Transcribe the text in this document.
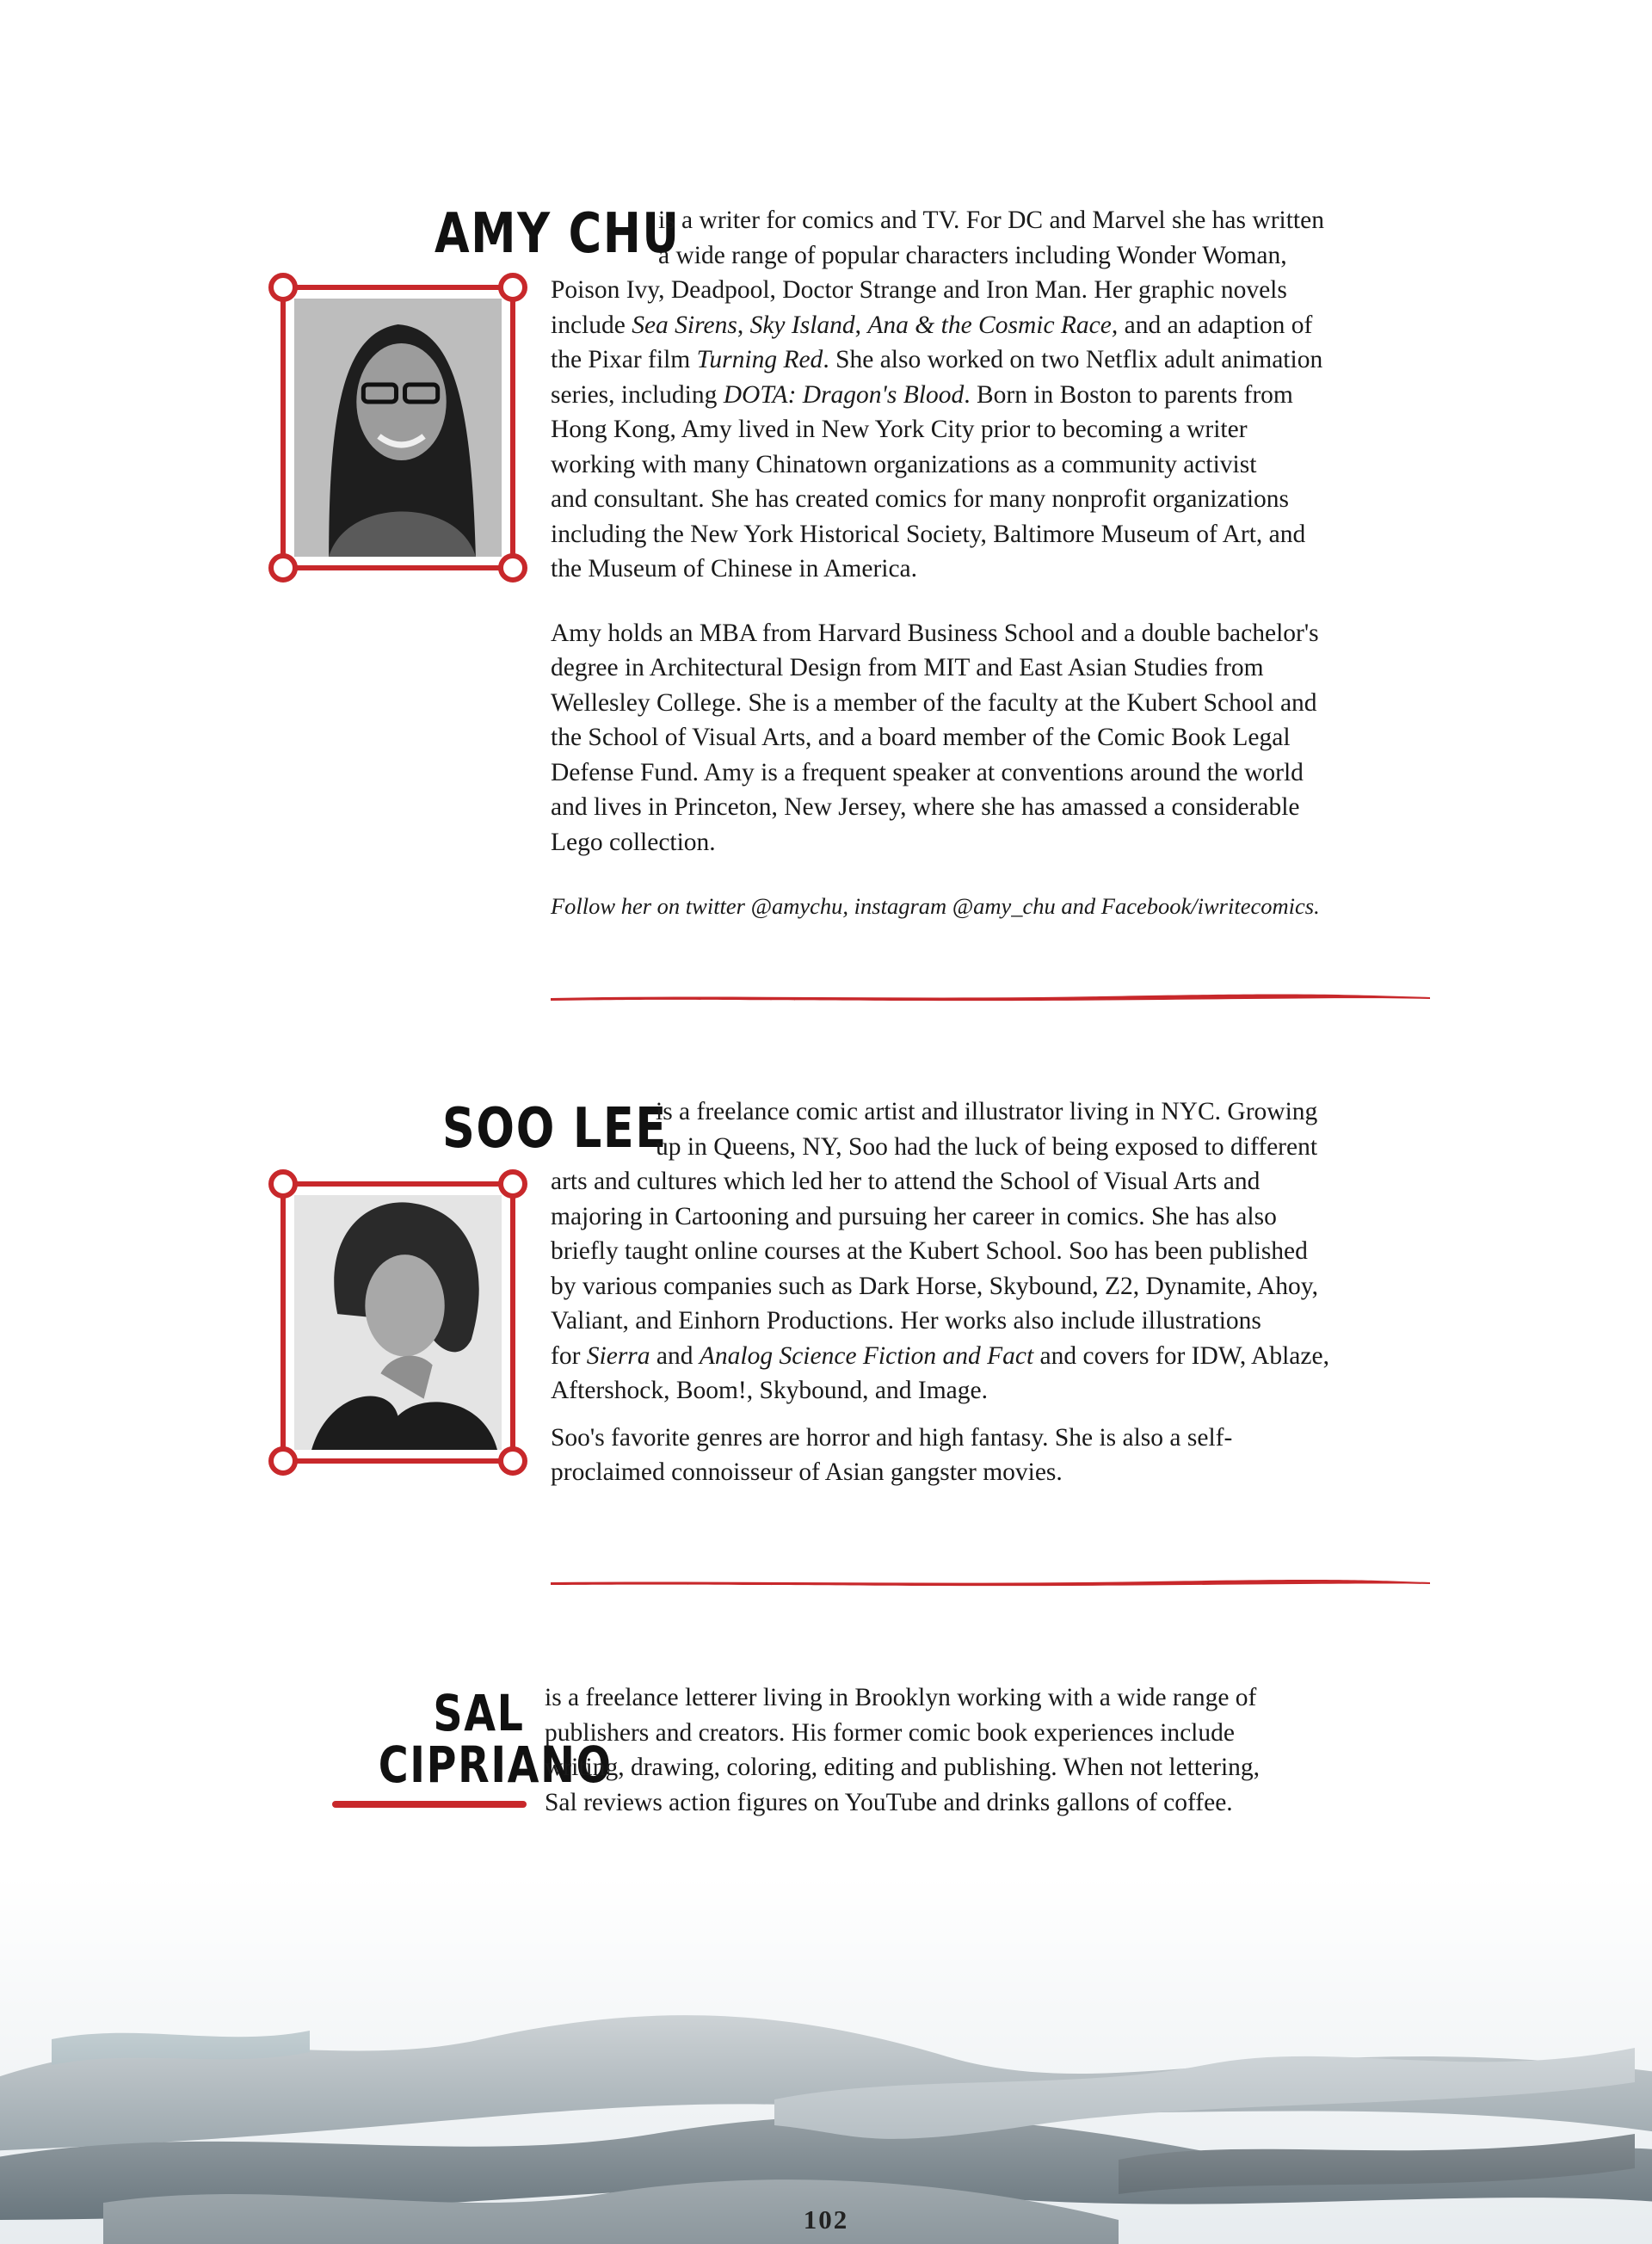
AMY CHU
is a writer for comics and TV. For DC and Marvel she has written
a wide range of popular characters including Wonder Woman,

Poison Ivy, Deadpool, Doctor Strange and Iron Man. Her graphic novels
include Sea Sirens, Sky Island, Ana & the Cosmic Race, and an adaption of
the Pixar film Turning Red. She also worked on two Netflix adult animation
series, including DOTA: Dragon's Blood. Born in Boston to parents from
Hong Kong, Amy lived in New York City prior to becoming a writer
working with many Chinatown organizations as a community activist
and consultant. She has created comics for many nonprofit organizations
including the New York Historical Society, Baltimore Museum of Art, and
the Museum of Chinese in America.

Amy holds an MBA from Harvard Business School and a double bachelor's
degree in Architectural Design from MIT and East Asian Studies from
Wellesley College. She is a member of the faculty at the Kubert School and
the School of Visual Arts, and a board member of the Comic Book Legal
Defense Fund. Amy is a frequent speaker at conventions around the world
and lives in Princeton, New Jersey, where she has amassed a considerable
Lego collection.

Follow her on twitter @amychu, instagram @amy_chu and Facebook/iwritecomics.

SOO LEE
is a freelance comic artist and illustrator living in NYC. Growing
up in Queens, NY, Soo had the luck of being exposed to different

arts and cultures which led her to attend the School of Visual Arts and
majoring in Cartooning and pursuing her career in comics. She has also
briefly taught online courses at the Kubert School. Soo has been published
by various companies such as Dark Horse, Skybound, Z2, Dynamite, Ahoy,
Valiant, and Einhorn Productions. Her works also include illustrations
for Sierra and Analog Science Fiction and Fact and covers for IDW, Ablaze,
Aftershock, Boom!, Skybound, and Image.

Soo's favorite genres are horror and high fantasy. She is also a self-
proclaimed connoisseur of Asian gangster movies.

SAL
CIPRIANO
is a freelance letterer living in Brooklyn working with a wide range of
publishers and creators. His former comic book experiences include
writing, drawing, coloring, editing and publishing. When not lettering,
Sal reviews action figures on YouTube and drinks gallons of coffee.
102
